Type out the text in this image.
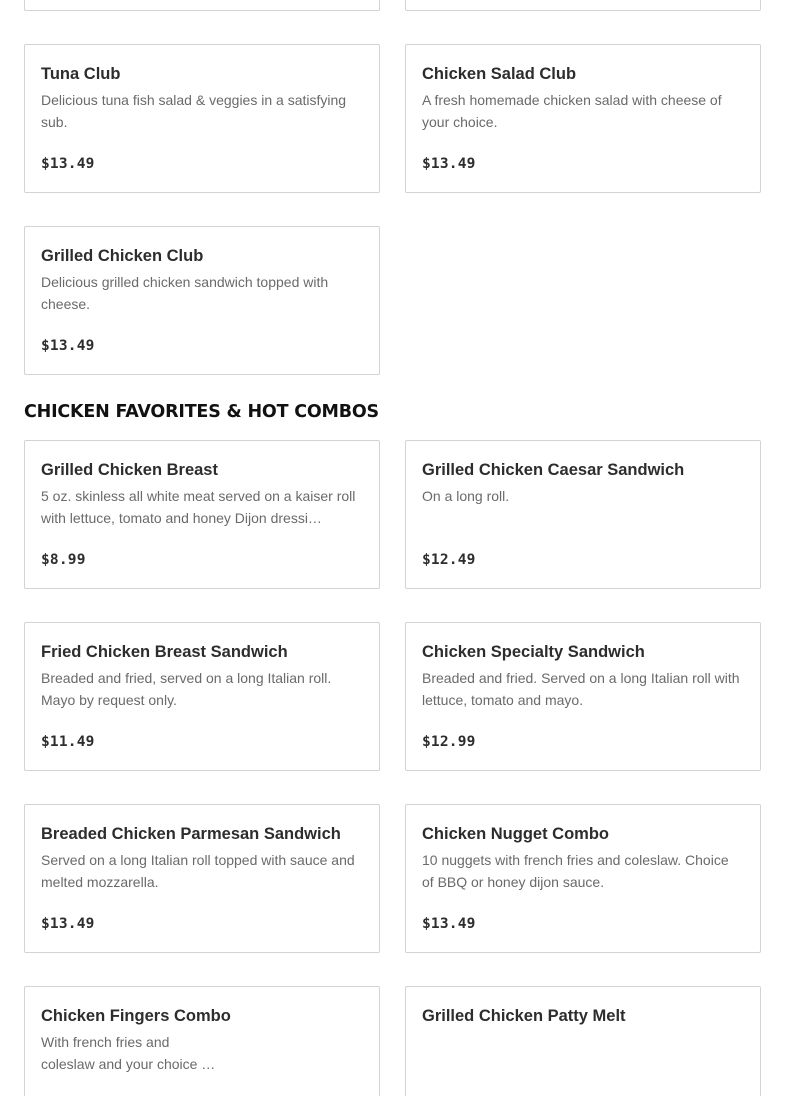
Tuna Club
Delicious tuna fish salad & veggies in a satisfying sub.
$13.49
Chicken Salad Club
A fresh homemade chicken salad with cheese of your choice.
$13.49
Grilled Chicken Club
Delicious grilled chicken sandwich topped with cheese.
$13.49
CHICKEN FAVORITES & HOT COMBOS
Grilled Chicken Breast
5 oz. skinless all white meat served on a kaiser roll with lettuce, tomato and honey Dijon dressi…
$8.99
Grilled Chicken Caesar Sandwich
On a long roll.
$12.49
Fried Chicken Breast Sandwich
Breaded and fried, served on a long Italian roll. Mayo by request only.
$11.49
Chicken Specialty Sandwich
Breaded and fried. Served on a long Italian roll with lettuce, tomato and mayo.
$12.99
Breaded Chicken Parmesan Sandwich
Served on a long Italian roll topped with sauce and melted mozzarella.
$13.49
Chicken Nugget Combo
10 nuggets with french fries and coleslaw. Choice of BBQ or honey dijon sauce.
$13.49
Chicken Fingers Combo
With french fries and coleslaw and your choice …
Grilled Chicken Patty Melt
